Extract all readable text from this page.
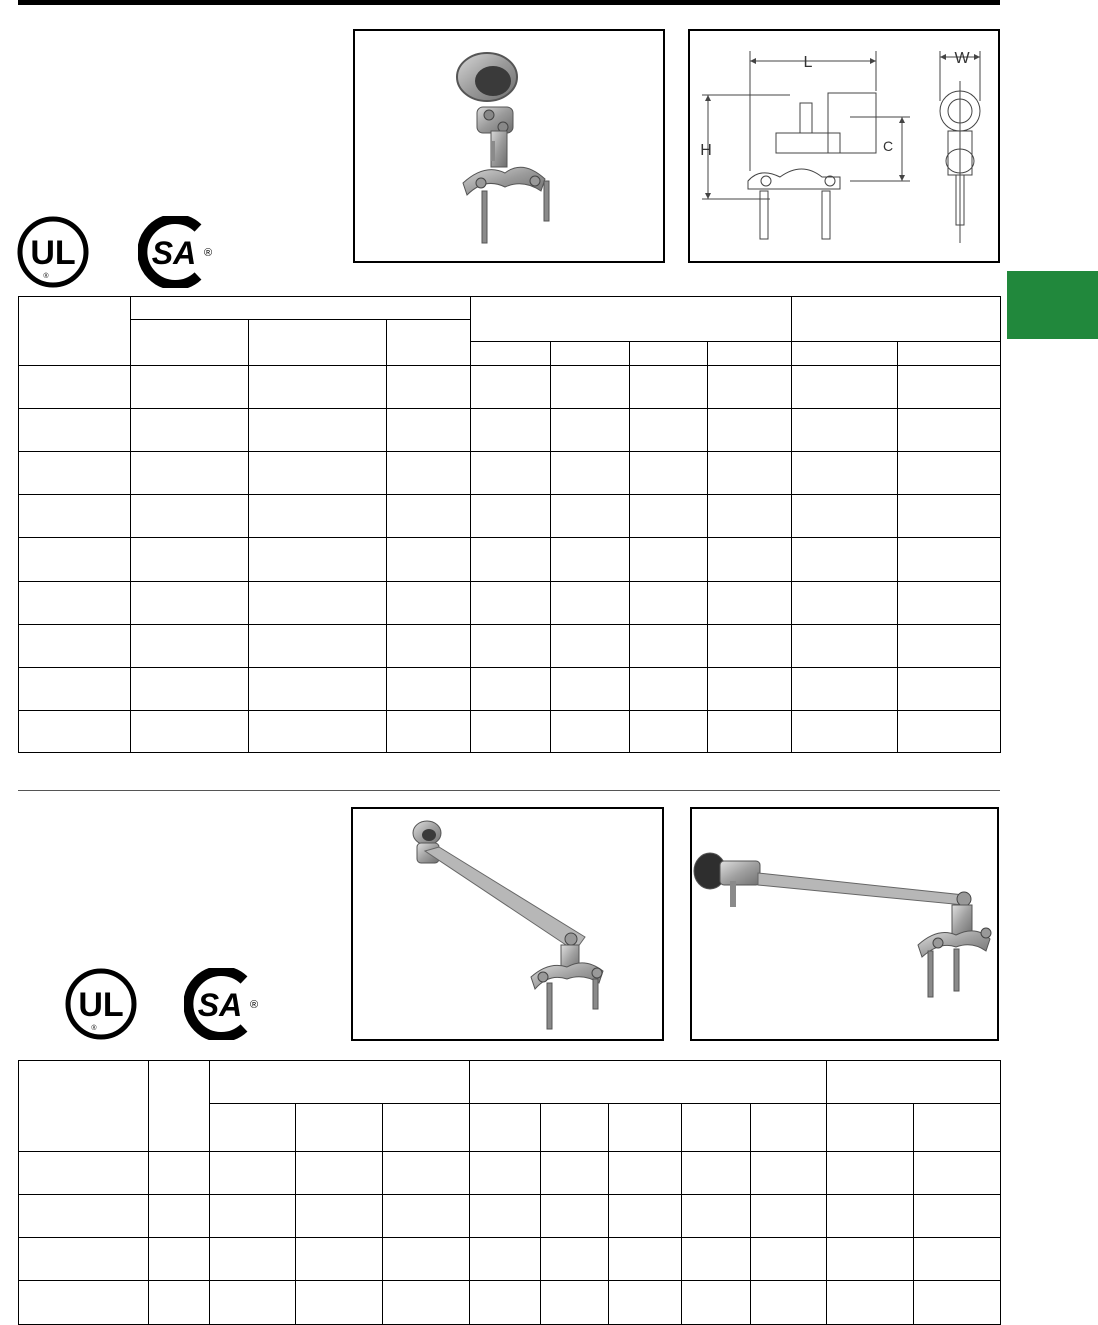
UL
®
SA ®
L	W
H	C

UL
®
SA ®
